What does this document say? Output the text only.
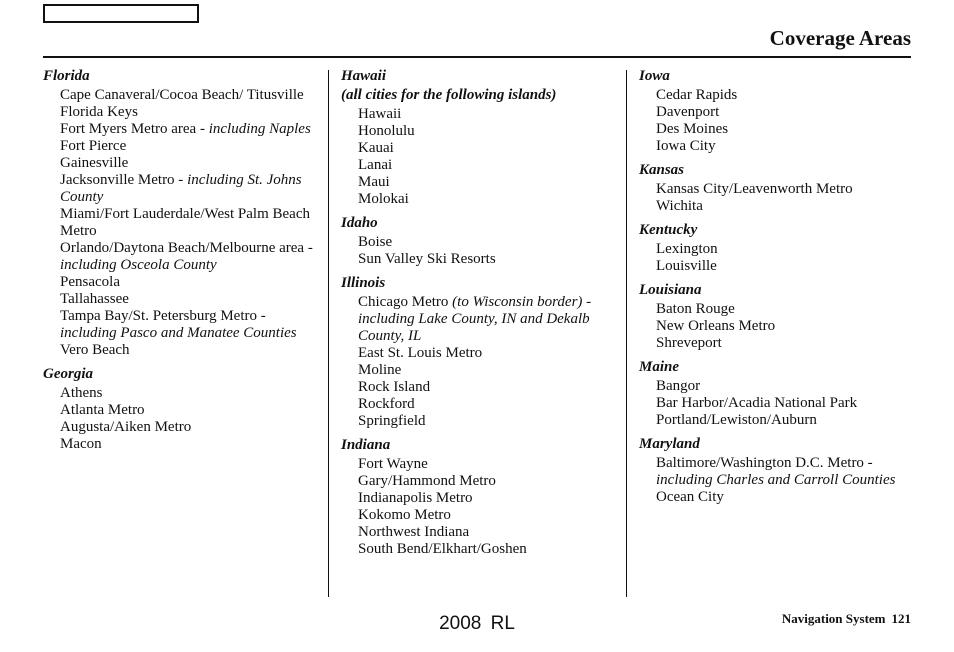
Coverage Areas
Florida
Cape Canaveral/Cocoa Beach/ Titusville
Florida Keys
Fort Myers Metro area - including Naples
Fort Pierce
Gainesville
Jacksonville Metro - including St. Johns County
Miami/Fort Lauderdale/West Palm Beach Metro
Orlando/Daytona Beach/Melbourne area - including Osceola County
Pensacola
Tallahassee
Tampa Bay/St. Petersburg Metro - including Pasco and Manatee Counties
Vero Beach
Georgia
Athens
Atlanta Metro
Augusta/Aiken Metro
Macon
Hawaii
(all cities for the following islands)
Hawaii
Honolulu
Kauai
Lanai
Maui
Molokai
Idaho
Boise
Sun Valley Ski Resorts
Illinois
Chicago Metro (to Wisconsin border) - including Lake County, IN and Dekalb County, IL
East St. Louis Metro
Moline
Rock Island
Rockford
Springfield
Indiana
Fort Wayne
Gary/Hammond Metro
Indianapolis Metro
Kokomo Metro
Northwest Indiana
South Bend/Elkhart/Goshen
Iowa
Cedar Rapids
Davenport
Des Moines
Iowa City
Kansas
Kansas City/Leavenworth Metro
Wichita
Kentucky
Lexington
Louisville
Louisiana
Baton Rouge
New Orleans Metro
Shreveport
Maine
Bangor
Bar Harbor/Acadia National Park
Portland/Lewiston/Auburn
Maryland
Baltimore/Washington D.C. Metro - including Charles and Carroll Counties
Ocean City
Navigation System 121
2008 RL
